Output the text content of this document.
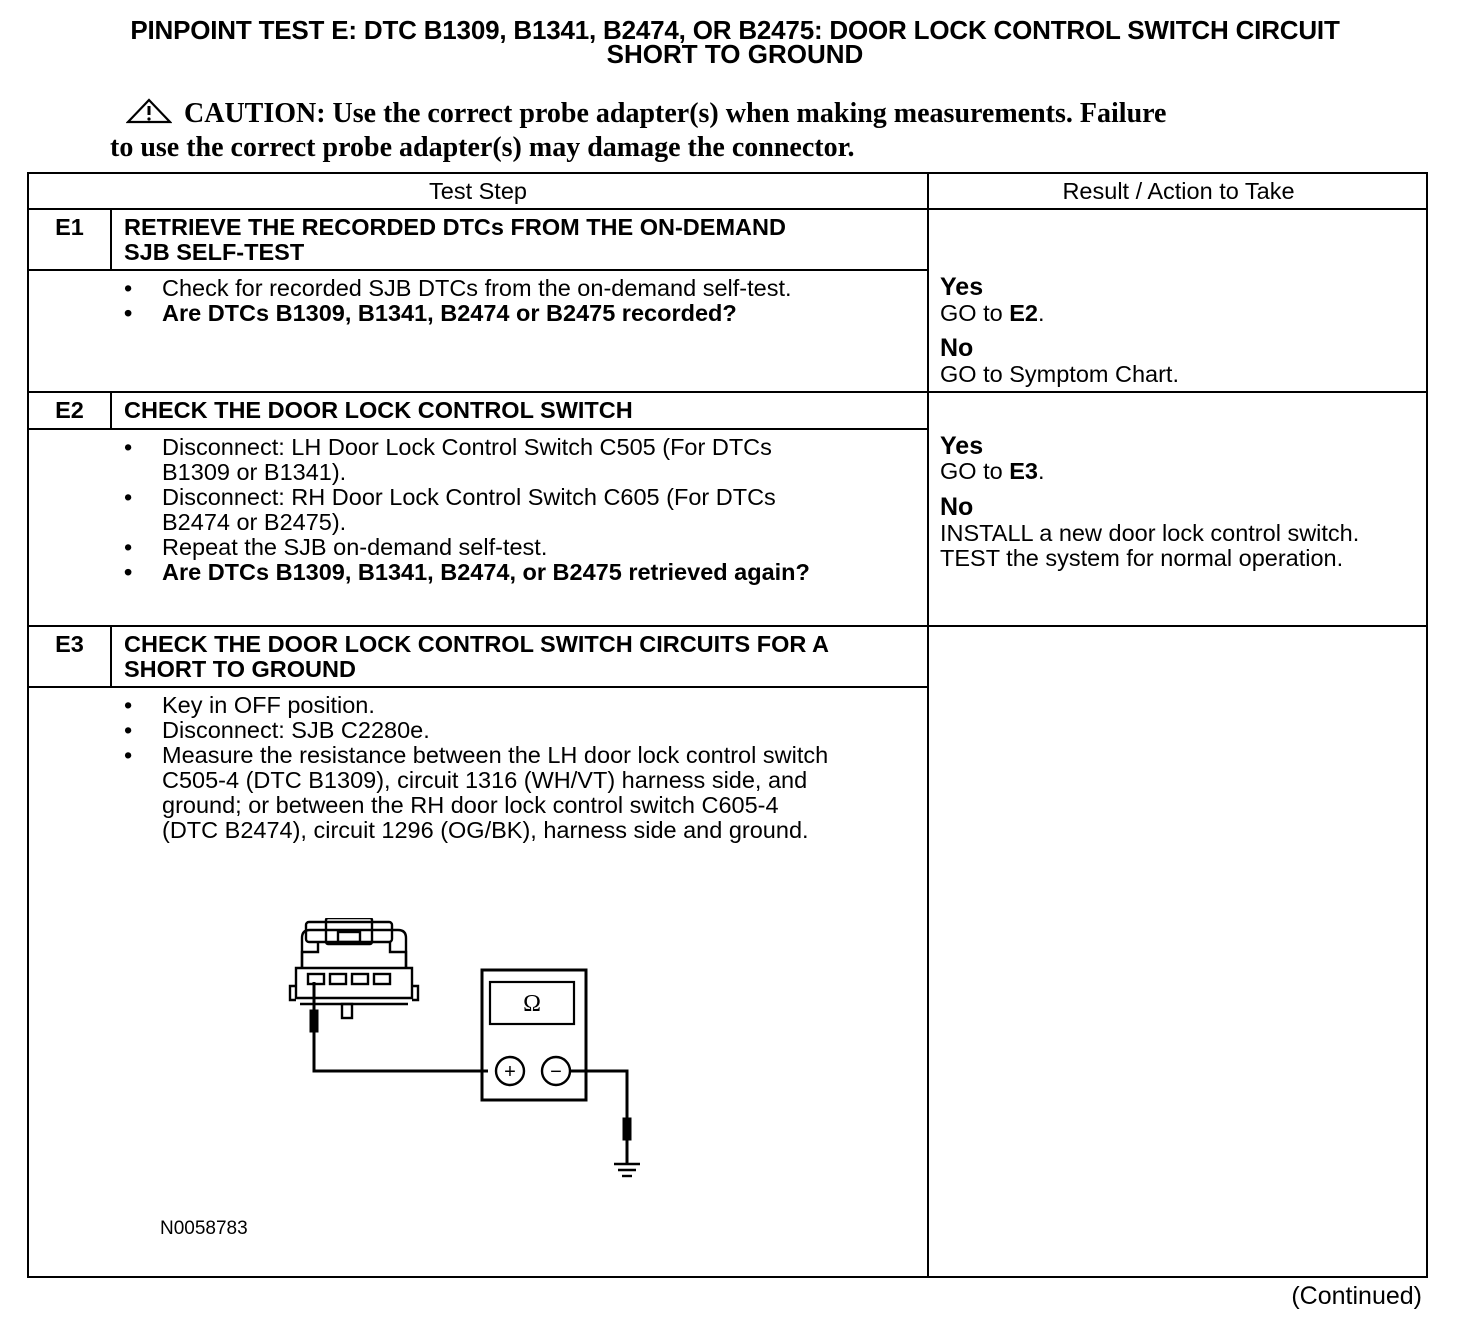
PINPOINT TEST E: DTC B1309, B1341, B2474, OR B2475: DOOR LOCK CONTROL SWITCH CIRCUIT
SHORT TO GROUND
CAUTION: Use the correct probe adapter(s) when making measurements. Failure
to use the correct probe adapter(s) may damage the connector.
Test Step	Result / Action to Take
E1	RETRIEVE THE RECORDED DTCs FROM THE ON-DEMAND
SJB SELF-TEST
• Check for recorded SJB DTCs from the on-demand self-test.
• Are DTCs B1309, B1341, B2474 or B2475 recorded?
Yes
GO to E2.
No
GO to Symptom Chart.
E2	CHECK THE DOOR LOCK CONTROL SWITCH
• Disconnect: LH Door Lock Control Switch C505 (For DTCs
B1309 or B1341).
• Disconnect: RH Door Lock Control Switch C605 (For DTCs
B2474 or B2475).
• Repeat the SJB on-demand self-test.
• Are DTCs B1309, B1341, B2474, or B2475 retrieved again?
Yes
GO to E3.
No
INSTALL a new door lock control switch.
TEST the system for normal operation.
E3	CHECK THE DOOR LOCK CONTROL SWITCH CIRCUITS FOR A
SHORT TO GROUND
• Key in OFF position.
• Disconnect: SJB C2280e.
• Measure the resistance between the LH door lock control switch
C505-4 (DTC B1309), circuit 1316 (WH/VT) harness side, and
ground; or between the RH door lock control switch C605-4
(DTC B2474), circuit 1296 (OG/BK), harness side and ground.
Ω
+ −
N0058783
(Continued)
